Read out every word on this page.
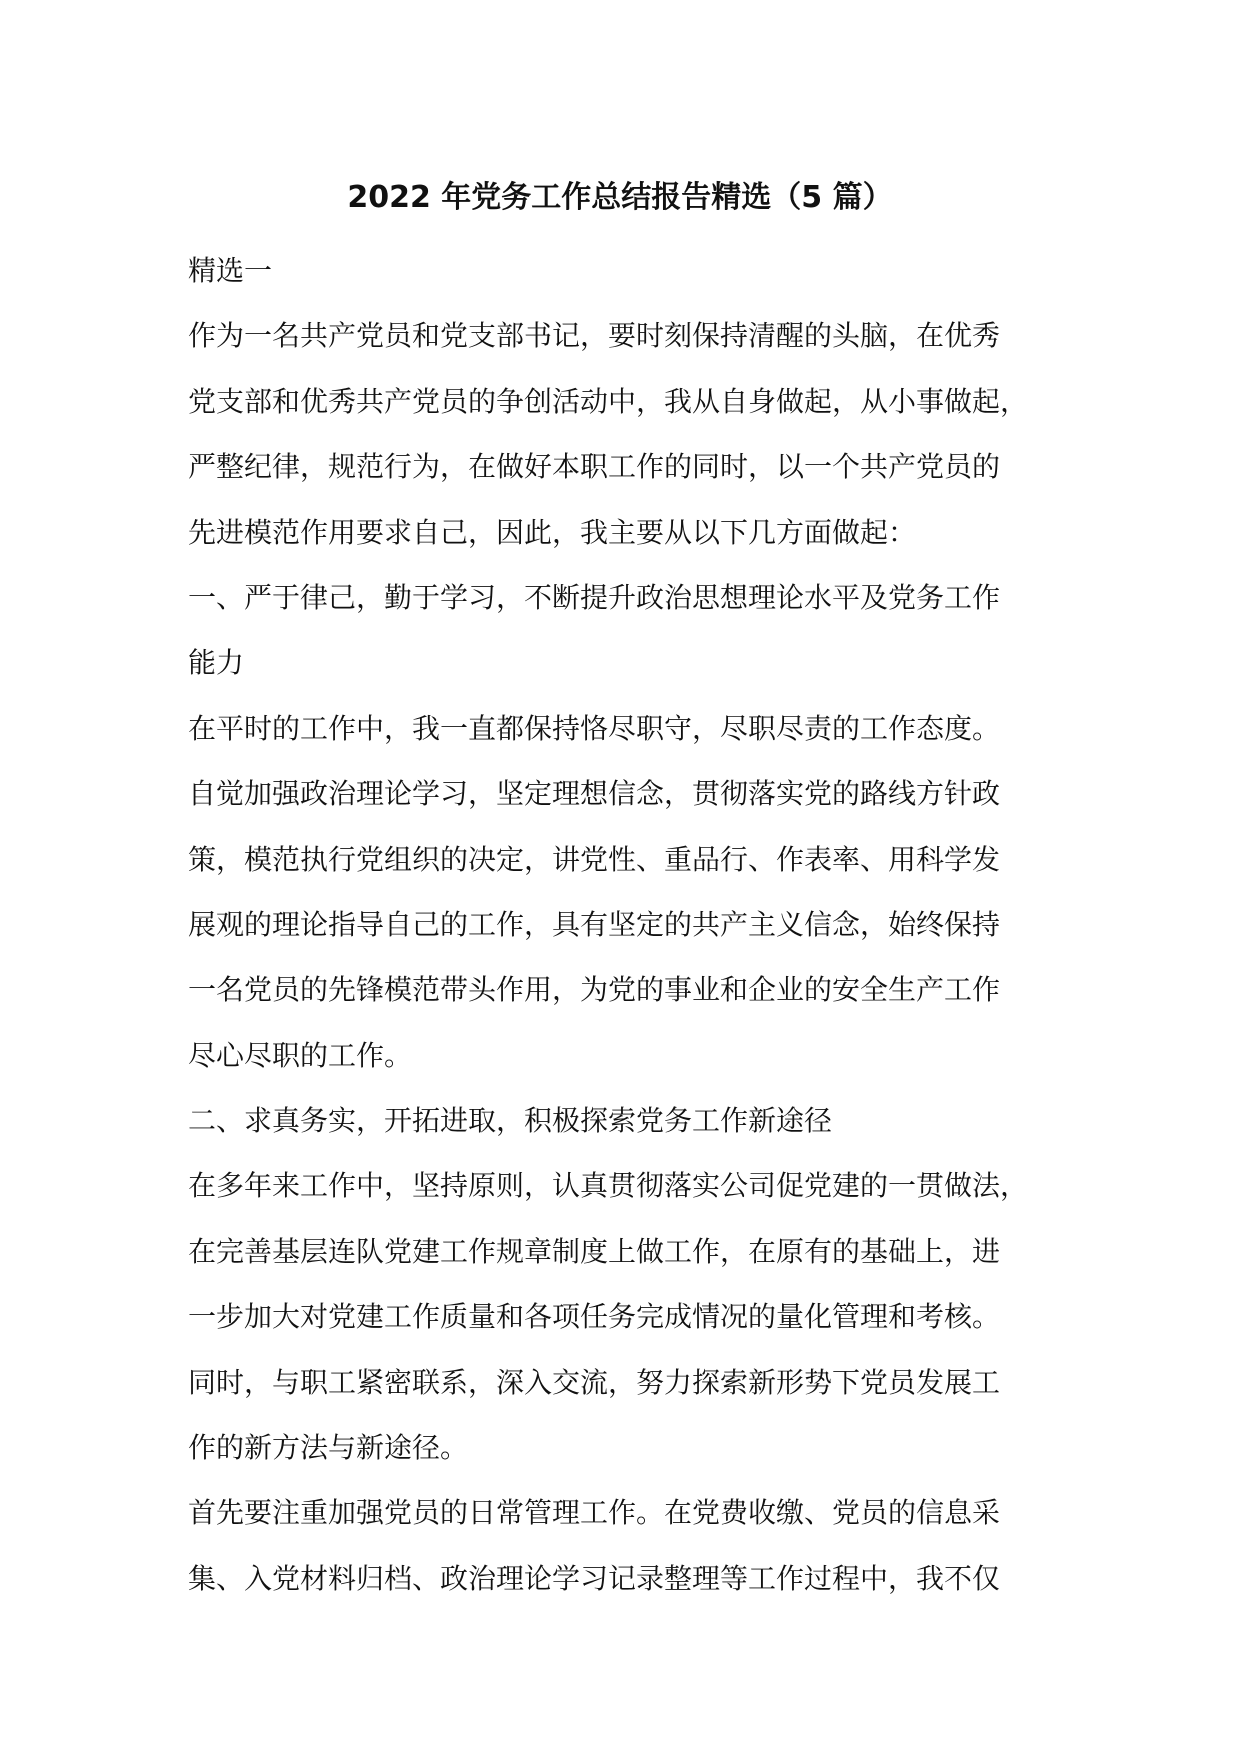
2022 年党务工作总结报告精选（5 篇）
精选一
作为一名共产党员和党支部书记，要时刻保持清醒的头脑，在优秀
党支部和优秀共产党员的争创活动中，我从自身做起，从小事做起，
严整纪律，规范行为，在做好本职工作的同时，以一个共产党员的
先进模范作用要求自己，因此，我主要从以下几方面做起：
一、严于律己，勤于学习，不断提升政治思想理论水平及党务工作
能力
在平时的工作中，我一直都保持恪尽职守，尽职尽责的工作态度。
自觉加强政治理论学习，坚定理想信念，贯彻落实党的路线方针政
策，模范执行党组织的决定，讲党性、重品行、作表率、用科学发
展观的理论指导自己的工作，具有坚定的共产主义信念，始终保持
一名党员的先锋模范带头作用，为党的事业和企业的安全生产工作
尽心尽职的工作。
二、求真务实，开拓进取，积极探索党务工作新途径
在多年来工作中，坚持原则，认真贯彻落实公司促党建的一贯做法，
在完善基层连队党建工作规章制度上做工作，在原有的基础上，进
一步加大对党建工作质量和各项任务完成情况的量化管理和考核。
同时，与职工紧密联系，深入交流，努力探索新形势下党员发展工
作的新方法与新途径。
首先要注重加强党员的日常管理工作。在党费收缴、党员的信息采
集、入党材料归档、政治理论学习记录整理等工作过程中，我不仅
